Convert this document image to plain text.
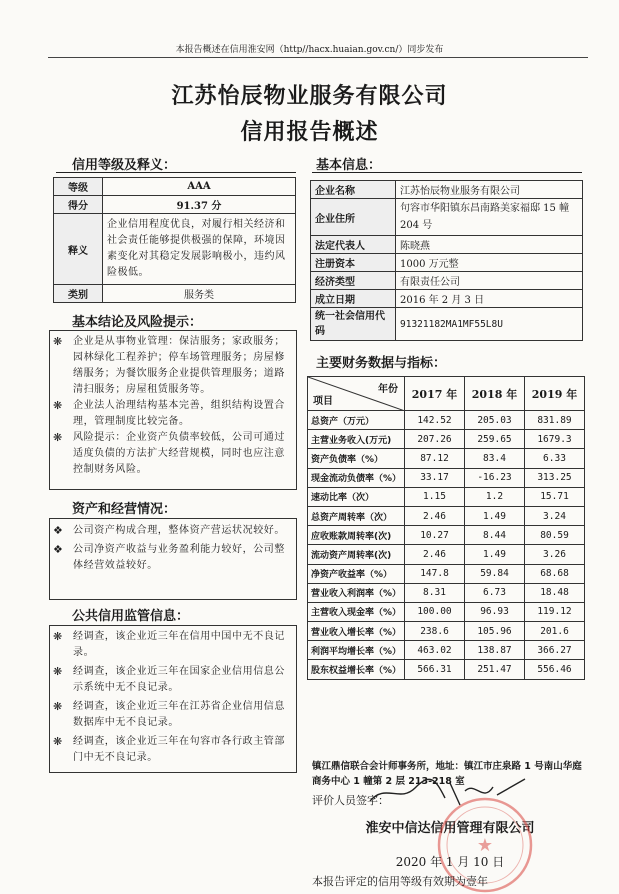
本报告概述在信用淮安网（http//hacx.huaian.gov.cn/）同步发布
江苏怡辰物业服务有限公司
信用报告概述
信用等级及释义：
等级	AAA
得分	91.37 分
释义	企业信用程度优良，对履行相关经济和社会责任能够提供极强的保障，环境因素变化对其稳定发展影响极小，违约风险极低。
类别	服务类
基本结论及风险提示：
❋ 企业是从事物业管理：保洁服务；家政服务；园林绿化工程养护；停车场管理服务；房屋修缮服务；为餐饮服务企业提供管理服务；道路清扫服务；房屋租赁服务等。
❋ 企业法人治理结构基本完善，组织结构设置合理，管理制度比较完备。
❋ 风险提示：企业资产负债率较低，公司可通过适度负债的方法扩大经营规模，同时也应注意控制财务风险。
资产和经营情况：
❖ 公司资产构成合理，整体资产营运状况较好。
❖ 公司净资产收益与业务盈利能力较好，公司整体经营效益较好。
公共信用监管信息：
❋ 经调查，该企业近三年在信用中国中无不良记录。
❋ 经调查，该企业近三年在国家企业信用信息公示系统中无不良记录。
❋ 经调查，该企业近三年在江苏省企业信用信息数据库中无不良记录。
❋ 经调查，该企业近三年在句容市各行政主管部门中无不良记录。
基本信息：
企业名称	江苏怡辰物业服务有限公司
企业住所	句容市华阳镇东昌南路美家福邸 15 幢 204 号
法定代表人	陈晓燕
注册资本	1000 万元整
经济类型	有限责任公司
成立日期	2016 年 2 月 3 日
统一社会信用代码	91321182MA1MF55L8U
主要财务数据与指标：
年份
项目	2017 年	2018 年	2019 年
总资产（万元）	142.52	205.03	831.89
主营业务收入(万元)	207.26	259.65	1679.3
资产负债率（%）	87.12	83.4	6.33
现金流动负债率（%）	33.17	-16.23	313.25
速动比率（次）	1.15	1.2	15.71
总资产周转率（次）	2.46	1.49	3.24
应收账款周转率(次)	10.27	8.44	80.59
流动资产周转率(次)	2.46	1.49	3.26
净资产收益率（%）	147.8	59.84	68.68
营业收入利润率（%）	8.31	6.73	18.48
主营收入现金率（%）	100.00	96.93	119.12
营业收入增长率（%）	238.6	105.96	201.6
利润平均增长率（%）	463.02	138.87	366.27
股东权益增长率（%）	566.31	251.47	556.46
镇江鼎信联合会计师事务所，地址：镇江市庄泉路 1 号南山华庭商务中心 1 幢第 2 层 213-218 室
评价人员签字：
淮安中信达信用管理有限公司
★
2020 年 1 月 10 日
本报告评定的信用等级有效期为壹年
